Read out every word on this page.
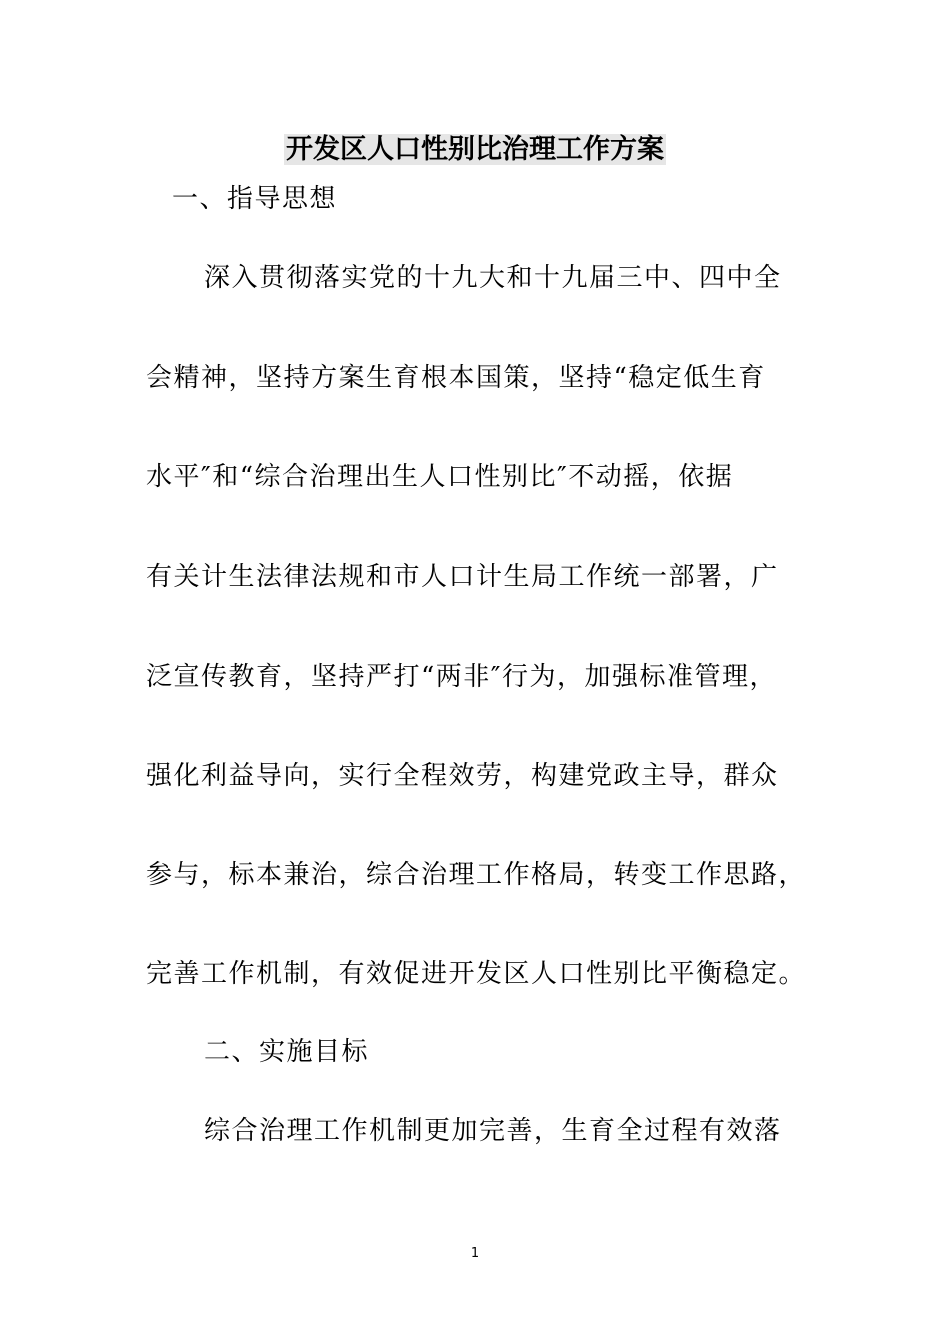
开发区人口性别比治理工作方案
一、指导思想
深入贯彻落实党的十九大和十九届三中、四中全
会精神，坚持方案生育根本国策，坚持“稳定低生育
水平″和“综合治理出生人口性别比″不动摇，依据
有关计生法律法规和市人口计生局工作统一部署，广
泛宣传教育，坚持严打“两非″行为，加强标准管理，
强化利益导向，实行全程效劳，构建党政主导，群众
参与，标本兼治，综合治理工作格局，转变工作思路，
完善工作机制，有效促进开发区人口性别比平衡稳定。
二、实施目标
综合治理工作机制更加完善，生育全过程有效落
1
